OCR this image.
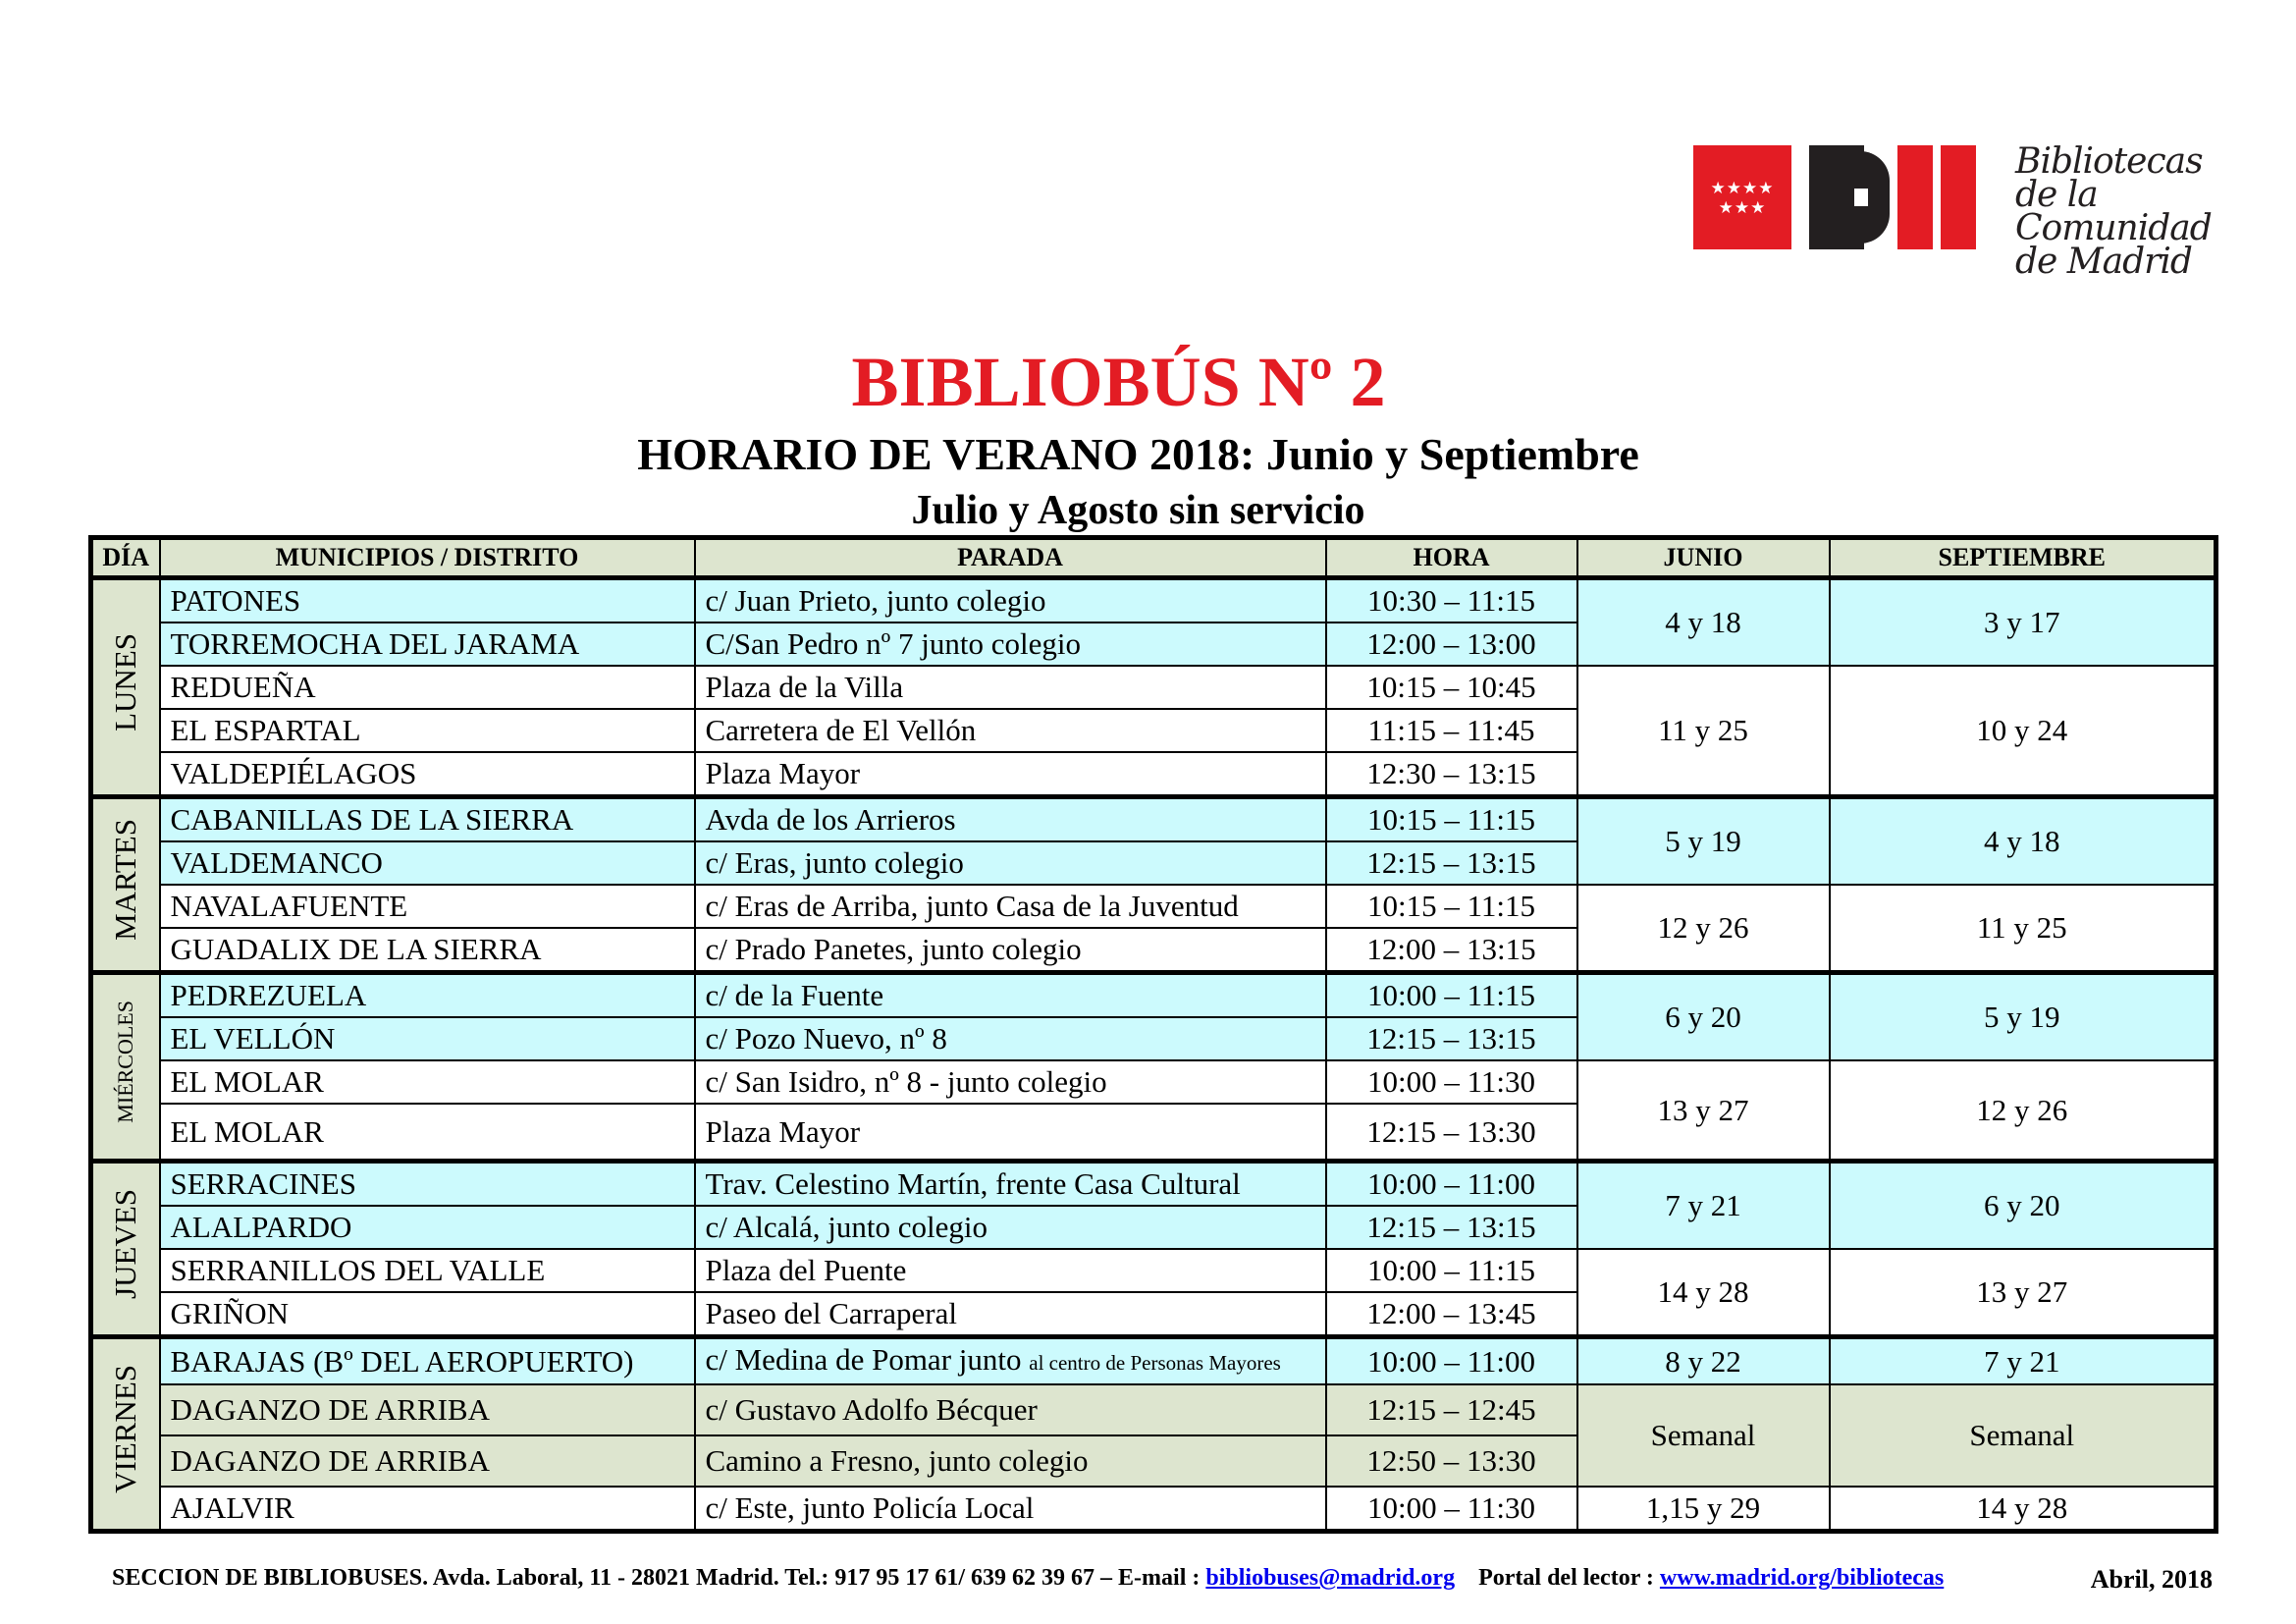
★★★★
★★★
Bibliotecas
de la Comunidad
de Madrid
BIBLIOBÚS Nº 2
HORARIO DE VERANO 2018: Junio y Septiembre
Julio y Agosto sin servicio
DÍA	MUNICIPIOS / DISTRITO	PARADA	HORA	JUNIO	SEPTIEMBRE
LUNES	PATONES	c/ Juan Prieto, junto colegio	10:30 – 11:15	4 y 18	3 y 17
	TORREMOCHA DEL JARAMA	C/San Pedro nº 7 junto colegio	12:00 – 13:00		
	REDUEÑA	Plaza de la Villa	10:15 – 10:45	11 y 25	10 y 24
	EL ESPARTAL	Carretera de El Vellón	11:15 – 11:45		
	VALDEPIÉLAGOS	Plaza Mayor	12:30 – 13:15		
MARTES	CABANILLAS DE LA SIERRA	Avda de los Arrieros	10:15 – 11:15	5 y 19	4 y 18
	VALDEMANCO	c/ Eras, junto colegio	12:15 – 13:15		
	NAVALAFUENTE	c/ Eras de Arriba, junto Casa de la Juventud	10:15 – 11:15	12 y 26	11 y 25
	GUADALIX DE LA SIERRA	c/ Prado Panetes, junto colegio	12:00 – 13:15		
MIÉRCOLES	PEDREZUELA	c/ de la Fuente	10:00 – 11:15	6 y 20	5 y 19
	EL VELLÓN	c/ Pozo Nuevo, nº 8	12:15 – 13:15		
	EL MOLAR	c/ San Isidro, nº 8 - junto colegio	10:00 – 11:30	13 y 27	12 y 26
	EL MOLAR	Plaza Mayor	12:15 – 13:30		
JUEVES	SERRACINES	Trav. Celestino Martín, frente Casa Cultural	10:00 – 11:00	7 y 21	6 y 20
	ALALPARDO	c/ Alcalá, junto colegio	12:15 – 13:15		
	SERRANILLOS DEL VALLE	Plaza del Puente	10:00 – 11:15	14 y 28	13 y 27
	GRIÑON	Paseo del Carraperal	12:00 – 13:45		
VIERNES	BARAJAS (Bº DEL AEROPUERTO)	c/ Medina de Pomar junto al centro de Personas Mayores	10:00 – 11:00	8 y 22	7 y 21
	DAGANZO DE ARRIBA	c/ Gustavo Adolfo Bécquer	12:15 – 12:45	Semanal	Semanal
	DAGANZO DE ARRIBA	Camino a Fresno, junto colegio	12:50 – 13:30		
	AJALVIR	c/ Este, junto Policía Local	10:00 – 11:30	1,15 y 29	14 y 28
SECCION DE BIBLIOBUSES. Avda. Laboral, 11 - 28021 Madrid. Tel.: 917 95 17 61/ 639 62 39 67 – E-mail : bibliobuses@madrid.org Portal del lector : www.madrid.org/bibliotecas	Abril, 2018
